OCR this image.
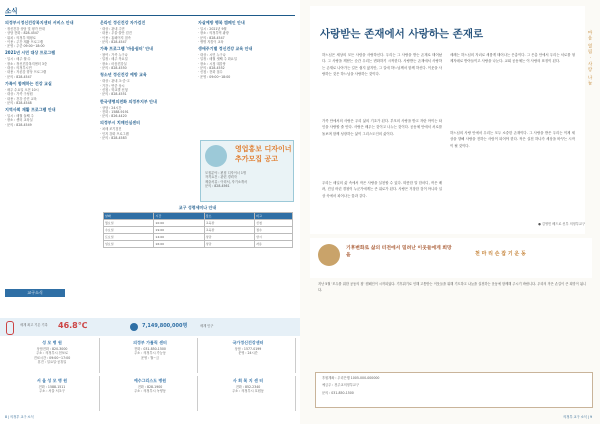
소식
의정부시정신건강복지센터 서비스 안내
· 정신건강 상담 및 평가 안내
· 상담 전화 : 828-4547
· 위치 : 의정부 태평로
· 이용 : 주간 재활 프로그램
· 운영 : 주중 09:00~18:00
2021년 시민 대상 프로그램
· 일시 : 매주 월·수
· 장소 : 정신건강복지센터 3층
· 대상 : 의정부시민
· 내용 : 자존감 향상 프로그램
· 문의 : 828-4547
가족이 함께하는 건강 교실
· 매주 수요일 오전 10시
· 대상 : 가족 구성원
· 내용 : 건강 증진 교육
· 문의 : 828-4548
지역사회 재활 프로그램 안내
· 일시 : 매월 둘째 주
· 장소 : 센터 교육실
· 문의 : 828-4549
온라인 정신건강 자가검진
· 대상 : 관내 주민
· 내용 : 우울·불안 검진
· 이용 : 홈페이지 접속
· 문의 : 828-4547
가족 프로그램 '마음쉼터' 안내
· 참여 : 가족 누구나
· 일정 : 매주 목요일
· 장소 : 마음건강실
· 문의 : 828-4550
청소년 정신건강 예방 교육
· 대상 : 관내 초·중·고
· 기간 : 연중 상시
· 신청 : 학교별 신청
· 문의 : 828-4551
한국생명의전화 의정부지부 안내
· 상담 : 24시간
· 전화 : 1588-9191
· 문의 : 826-4420
의정부시 치매안심센터
· 치매 조기검진
· 인지 강화 프로그램
· 문의 : 828-4583
자살예방 행복 캠페인 안내
· 일시 : 2021년 9월
· 장소 : 의정부역 광장
· 문의 : 828-4547
· 생명 지킴이 교육
생애주기별 정신건강 교육 안내
· 대상 : 시민 누구나
· 일정 : 매월 셋째 주 화요일
· 장소 : 시청 대강당
· 문의 : 828-4552
· 신청 : 전화 접수
· 운영 : 09:00~18:00
영업홍보 디자이너
추가모집 공고
모집분야 : 편집 디자이너 1명
자격요건 : 관련 경력자
제출서류 : 이력서, 자기소개서
문의 : 828-4561
교구 성령세미나 안내
날짜	시간	장소	비고
월요일	10:00	교육관	신청
수요일	19:00	교육관	접수
토요일	14:00	성당	상시
일요일	16:00	성당	자유
교구소식
46.8℃
세계 최고 기온 기록	7,149,800,000명	세계 인구
성 모 병 원
상담전화 : 820-3000
주소 : 의정부시 천보로
진료시간 : 09:00~17:00
휴진 : 일요일·공휴일
의정부 가톨릭 센터
전화 : 031-850-1500
주소 : 의정부시 가능동
운영 : 월~금
국가정신건강센터
상담 : 1577-0199
운영 : 24시간
서 울 성 모 병 원
전화 : 1588-1511
주소 : 서울 서초구
예수그리스도 병원
전화 : 828-1900
주소 : 의정부시 녹양동
사 회 복 지 센 터
전화 : 852-2340
주소 : 의정부시 호원동
8 | 의정부 교구 소식
사랑받는 존재에서 사랑하는 존재로	마음 열림 · 사랑 나눔
하느님은 세상의 모든 사람을 사랑하신다. 우리는 그 사랑을 받는 존재로 태어났다. 그 사랑을 깨닫는 순간 우리는 변화하기 시작한다. 사랑받는 존재에서 사랑하는 존재로 나아가는 길은 쉽지 않지만, 그 길에 하느님께서 함께 하신다. 이웃을 사랑하는 것은 하느님을 사랑하는 것이다.
가족 안에서의 사랑은 우리 삶의 기초가 된다. 부모의 사랑을 받고 자란 아이는 타인을 사랑할 줄 안다. 사랑은 배우는 것이고 나누는 것이다. 공동체 안에서 서로를 돌보며 함께 성장하는 삶이 그리스도인의 삶이다.
우리는 매일의 삶 속에서 작은 사랑을 실천할 수 있다. 따뜻한 말 한마디, 작은 배려, 진심 어린 경청이 누군가에게는 큰 위로가 된다. 사랑은 거창한 것이 아니라 일상 속에서 피어나는 꽃과 같다.
세례는 하느님의 자녀로 새롭게 태어나는 은총이다. 그 은총 안에서 우리는 서로를 형제자매로 받아들이고 사랑을 나눈다. 교회 공동체는 이 사랑의 표징이 된다.
하느님의 사랑 안에서 우리는 모두 소중한 존재이다. 그 사랑을 받은 우리는 이제 세상을 향해 사랑을 전하는 사람이 되어야 한다. 작은 실천 하나가 세상을 바꾸는 시작이 될 것이다.
● 김영민 베드로 신부 의정부교구
기후변화로 삶의 터전에서 밀려난 이웃들에게 희망을	천 마 리 손 잡 기 운 동
지난 5월 '모두를 위한 공동의 집' 캠페인이 시작되었다. 기후위기로 인해 고통받는 이웃들을 위해 기도하고 나눔을 실천하는 운동에 함께해 주시기 바랍니다. 우리의 작은 손길이 큰 희망이 됩니다.
후원계좌 : 우리은행 1005-000-000000
예금주 : 천주교의정부교구
문의 : 031-850-1500
의정부 교구 소식 | 9
